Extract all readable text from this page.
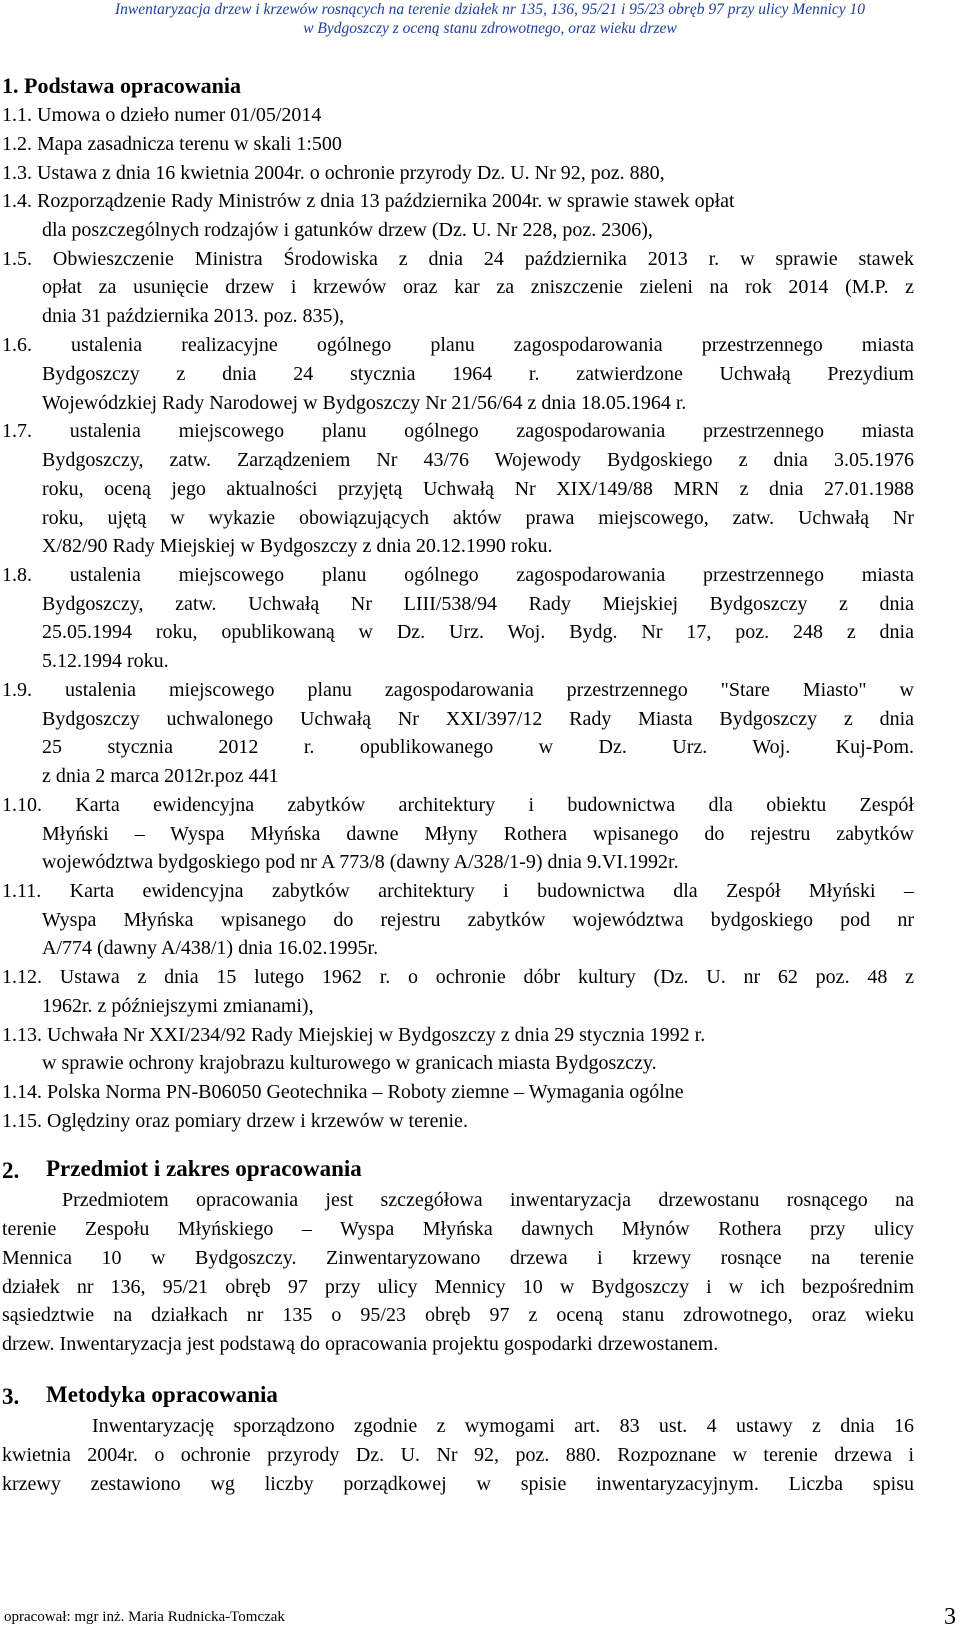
Inwentaryzacja drzew i krzewów rosnących na terenie działek nr 135, 136, 95/21 i 95/23 obręb 97 przy ulicy Mennicy 10
w Bydgoszczy z oceną stanu zdrowotnego, oraz wieku drzew
1. Podstawa opracowania
1.1. Umowa o dzieło numer 01/05/2014
1.2. Mapa zasadnicza terenu w skali 1:500
1.3. Ustawa z dnia 16 kwietnia 2004r. o ochronie przyrody Dz. U. Nr 92, poz. 880,
1.4. Rozporządzenie Rady Ministrów z dnia 13 października 2004r. w sprawie stawek opłat
dla poszczególnych rodzajów i gatunków drzew (Dz. U. Nr 228, poz. 2306),
1.5. Obwieszczenie Ministra Środowiska z dnia 24 października 2013 r. w sprawie stawek
opłat za usunięcie drzew i krzewów oraz kar za zniszczenie zieleni na rok 2014 (M.P. z
dnia 31 października 2013. poz. 835),
1.6. ustalenia realizacyjne ogólnego planu zagospodarowania przestrzennego miasta
Bydgoszczy z dnia 24 stycznia 1964 r. zatwierdzone Uchwałą Prezydium
Wojewódzkiej Rady Narodowej w Bydgoszczy Nr 21/56/64 z dnia 18.05.1964 r.
1.7. ustalenia miejscowego planu ogólnego zagospodarowania przestrzennego miasta
Bydgoszczy, zatw. Zarządzeniem Nr 43/76 Wojewody Bydgoskiego z dnia 3.05.1976
roku, oceną jego aktualności przyjętą Uchwałą Nr XIX/149/88 MRN z dnia 27.01.1988
roku, ujętą w wykazie obowiązujących aktów prawa miejscowego, zatw. Uchwałą Nr
X/82/90 Rady Miejskiej w Bydgoszczy z dnia 20.12.1990 roku.
1.8. ustalenia miejscowego planu ogólnego zagospodarowania przestrzennego miasta
Bydgoszczy, zatw. Uchwałą Nr LIII/538/94 Rady Miejskiej Bydgoszczy z dnia
25.05.1994 roku, opublikowaną w Dz. Urz. Woj. Bydg. Nr 17, poz. 248 z dnia
5.12.1994 roku.
1.9. ustalenia miejscowego planu zagospodarowania przestrzennego "Stare Miasto" w
Bydgoszczy uchwalonego Uchwałą Nr XXI/397/12 Rady Miasta Bydgoszczy z dnia
25 stycznia 2012 r. opublikowanego w Dz. Urz. Woj. Kuj-Pom.
z dnia 2 marca 2012r.poz 441
1.10. Karta ewidencyjna zabytków architektury i budownictwa dla obiektu Zespół
Młyński – Wyspa Młyńska dawne Młyny Rothera wpisanego do rejestru zabytków
województwa bydgoskiego pod nr A 773/8 (dawny A/328/1-9) dnia 9.VI.1992r.
1.11. Karta ewidencyjna zabytków architektury i budownictwa dla Zespół Młyński –
Wyspa Młyńska wpisanego do rejestru zabytków województwa bydgoskiego pod nr
A/774 (dawny A/438/1) dnia 16.02.1995r.
1.12. Ustawa z dnia 15 lutego 1962 r. o ochronie dóbr kultury (Dz. U. nr 62 poz. 48 z
1962r. z późniejszymi zmianami),
1.13. Uchwała Nr XXI/234/92 Rady Miejskiej w Bydgoszczy z dnia 29 stycznia 1992 r.
w sprawie ochrony krajobrazu kulturowego w granicach miasta Bydgoszczy.
1.14. Polska Norma PN-B06050 Geotechnika – Roboty ziemne – Wymagania ogólne
1.15. Oględziny oraz pomiary drzew i krzewów w terenie.
2. Przedmiot i zakres opracowania
Przedmiotem opracowania jest szczegółowa inwentaryzacja drzewostanu rosnącego na
terenie Zespołu Młyńskiego – Wyspa Młyńska dawnych Młynów Rothera przy ulicy
Mennica 10 w Bydgoszczy. Zinwentaryzowano drzewa i krzewy rosnące na terenie
działek nr 136, 95/21 obręb 97 przy ulicy Mennicy 10 w Bydgoszczy i w ich bezpośrednim
sąsiedztwie na działkach nr 135 o 95/23 obręb 97 z oceną stanu zdrowotnego, oraz wieku
drzew. Inwentaryzacja jest podstawą do opracowania projektu gospodarki drzewostanem.
3. Metodyka opracowania
Inwentaryzację sporządzono zgodnie z wymogami art. 83 ust. 4 ustawy z dnia 16
kwietnia 2004r. o ochronie przyrody Dz. U. Nr 92, poz. 880. Rozpoznane w terenie drzewa i
krzewy zestawiono wg liczby porządkowej w spisie inwentaryzacyjnym. Liczba spisu
opracował: mgr inż. Maria Rudnicka-Tomczak	3
